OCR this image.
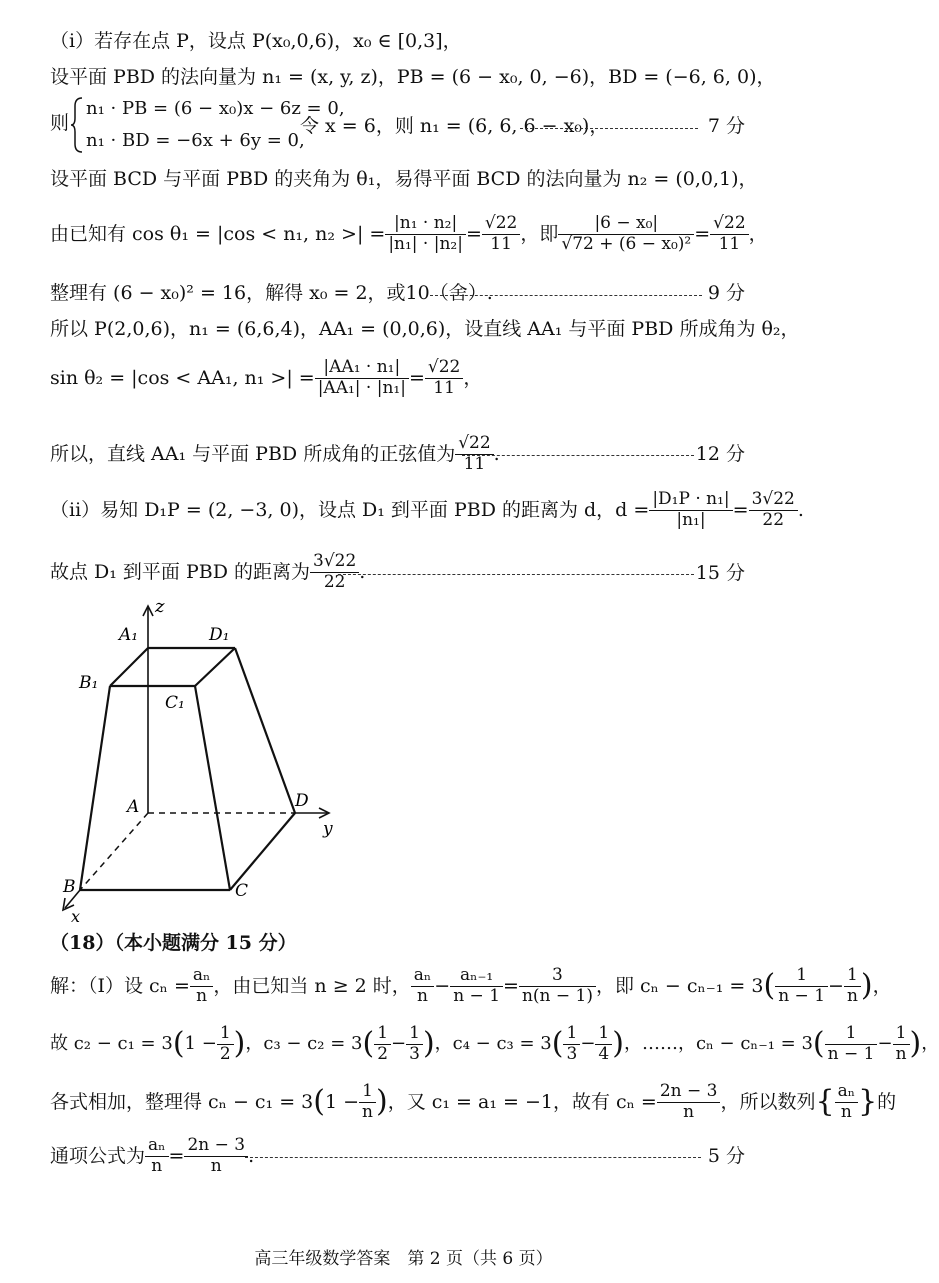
（i）若存在点 P，设点 P(x₀,0,6)，x₀ ∈ [0,3]，
设平面 PBD 的法向量为 n₁ = (x, y, z)，PB = (6 − x₀, 0, −6)，BD = (−6, 6, 0)，
则
n₁ · PB = (6 − x₀)x − 6z = 0,
n₁ · BD = −6x + 6y = 0,
令 x = 6，则 n₁ = (6, 6, 6 − x₀)，	7 分
设平面 BCD 与平面 PBD 的夹角为 θ₁，易得平面 BCD 的法向量为 n₂ = (0,0,1)，
由已知有 cos θ₁ = |cos < n₁, n₂ >| = $\frac{\text{|n₁ · n₂|}}{\text{|n₁| · |n₂|}} = \frac{√22}{11}$ ，即 $\frac{\text{|6 − x₀|}}{\text{√72 + (6 − x₀)²}} = \frac{√22}{11}$ ，
整理有 (6 − x₀)² = 16，解得 x₀ = 2，或10（舍）.	9 分
所以 P(2,0,6)，n₁ = (6,6,4)，AA₁ = (0,0,6)，设直线 AA₁ 与平面 PBD 所成角为 θ₂，
sin θ₂ = |cos < AA₁, n₁ >| = $\frac{\text{|AA₁ · n₁|}}{\text{|AA₁| · |n₁|}} = \frac{√22}{11}$ ，
所以，直线 AA₁ 与平面 PBD 所成角的正弦值为 $\frac{√22}{11}$ .	12 分
（ii）易知 D₁P = (2, −3, 0)，设点 D₁ 到平面 PBD 的距离为 d，$d = \frac{\text{|D₁P · n₁|}}{\text{|n₁|}} = \frac{3√22}{22}$ .
故点 D₁ 到平面 PBD 的距离为 $\frac{3√22}{22}$ .	15 分
z
y
x
A₁	D₁
B₁
C₁
A	D
B	C
（18）（本小题满分 15 分）
解：（Ⅰ）设 $c_n = \frac{\text{aₙ}}{n}$ ，由已知当 n ≥ 2 时， $\frac{\text{aₙ}}{n} - \frac{\text{aₙ₋₁}}{n - 1} = \frac{3}{n(n - 1)}$ ，即 cₙ − cₙ₋₁ = 3 ( $\frac{1}{n - 1} - \frac{1}{n}$ ) ，
故 c₂ − c₁ = 3 ( $1 - \frac{1}{2}$ ) ，c₃ − c₂ = 3 ( $\frac{1}{2} - \frac{1}{3}$ ) ，c₄ − c₃ = 3 ( $\frac{1}{3} - \frac{1}{4}$ ) ，……，cₙ − cₙ₋₁ = 3 ( $\frac{1}{n - 1} - \frac{1}{n}$ ) ，
各式相加，整理得 cₙ − c₁ = 3 ( $1 - \frac{1}{n}$ ) ，又 c₁ = a₁ = −1，故有 $c_n = \frac{2n - 3}{n}$ ，所以数列 { $\frac{\text{aₙ}}{n}$ } 的
通项公式为 $\frac{\text{aₙ}}{n} = \frac{2n - 3}{n}$ .	5 分
高三年级数学答案　第 2 页（共 6 页）
